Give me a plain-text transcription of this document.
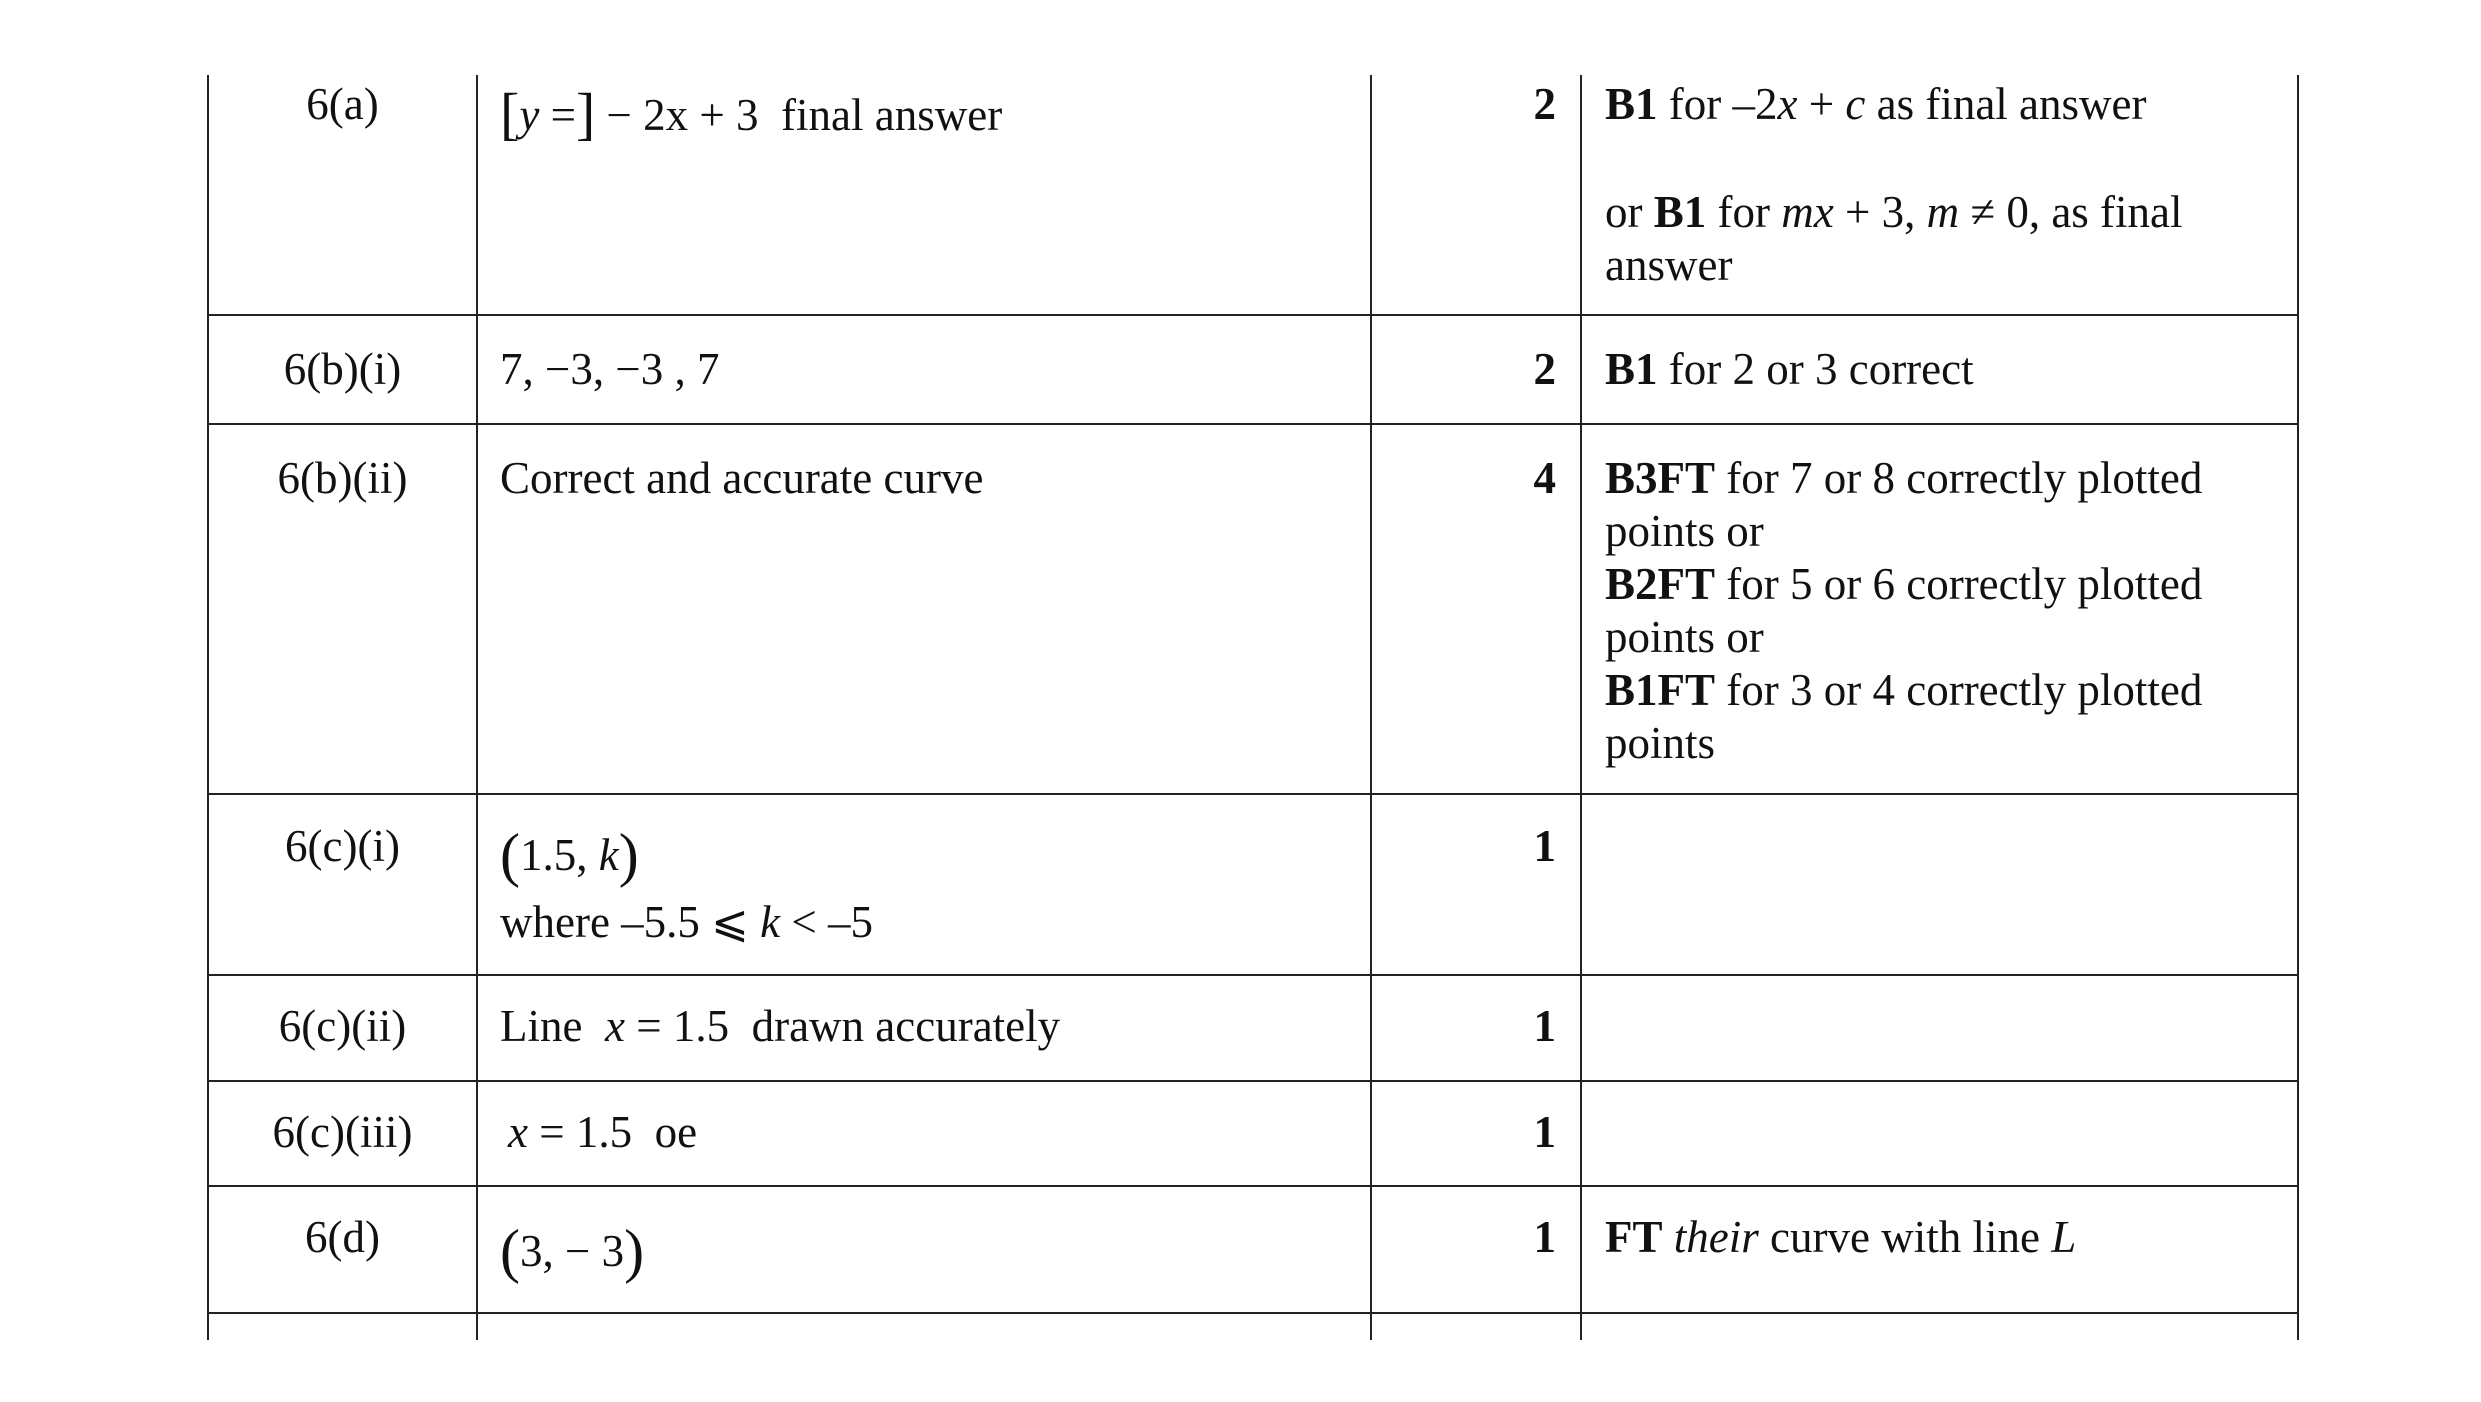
6(a)	[y =] − 2x + 3 final answer	2 B1 for –2x + c as final answer
or B1 for mx + 3, m ≠ 0, as final
answer
6(b)(i)	7, −3, −3 , 7	2 B1 for 2 or 3 correct
6(b)(ii)	Correct and accurate curve	4 B3FT for 7 or 8 correctly plotted
points or
B2FT for 5 or 6 correctly plotted
points or
B1FT for 3 or 4 correctly plotted
points
6(c)(i)	(1.5, k)
where –5.5 ⩽ k < –5
1
6(c)(ii)	Line x = 1.5 drawn accurately	1
6(c)(iii)	x = 1.5 oe	1
6(d)	(3, − 3)	1 FT their curve with line L
